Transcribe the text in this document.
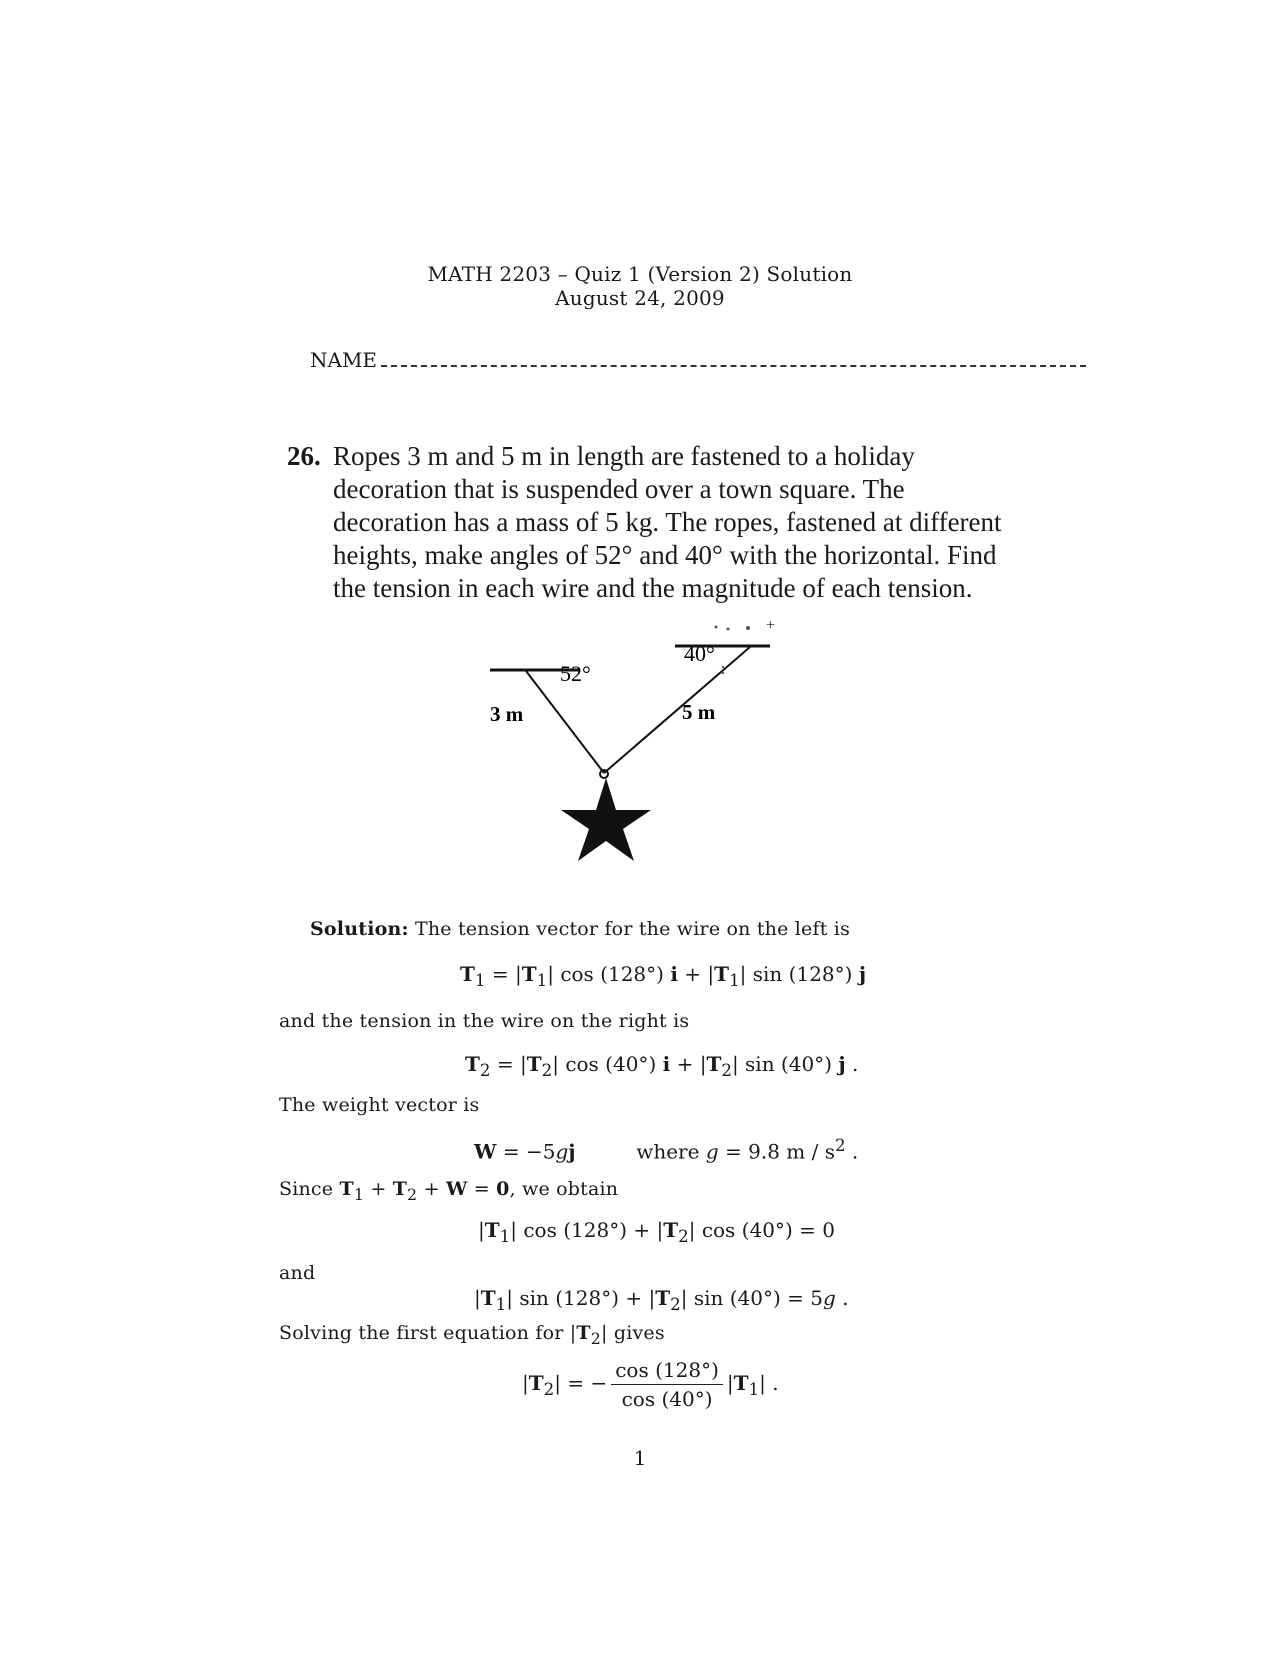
MATH 2203 – Quiz 1 (Version 2) Solution
August 24, 2009
NAME
26. Ropes 3 m and 5 m in length are fastened to a holiday decoration that is suspended over a town square. The decoration has a mass of 5 kg. The ropes, fastened at different heights, make angles of 52° and 40° with the horizontal. Find the tension in each wire and the magnitude of each tension.
52°
40°
3 m	5 m
+
Solution: The tension vector for the wire on the left is
$T_1 = |T_1|$ cos (128°) $i + |T_1|$ sin (128°) j
and the tension in the wire on the right is
$T_2 = |T_2|$ cos (40°) $i + |T_2|$ sin (40°) j .
The weight vector is
W = −5gj	where g = 9.8 m / $s^2$ .
Since $T_1 + T_2 + W = 0$, we obtain
$|T_1|$ $\cos (128^\circ) + |T_2|$ cos (40°) = 0
and
$|T_1|$ $\sin (128^\circ) + |T_2|$ sin (40°) = 5g .
Solving the first equation for $|T_2|$ gives
$|T_2|$ = − $\frac{\cos (128^\circ)}{\cos (40^\circ)} |T_1|$ .
1
